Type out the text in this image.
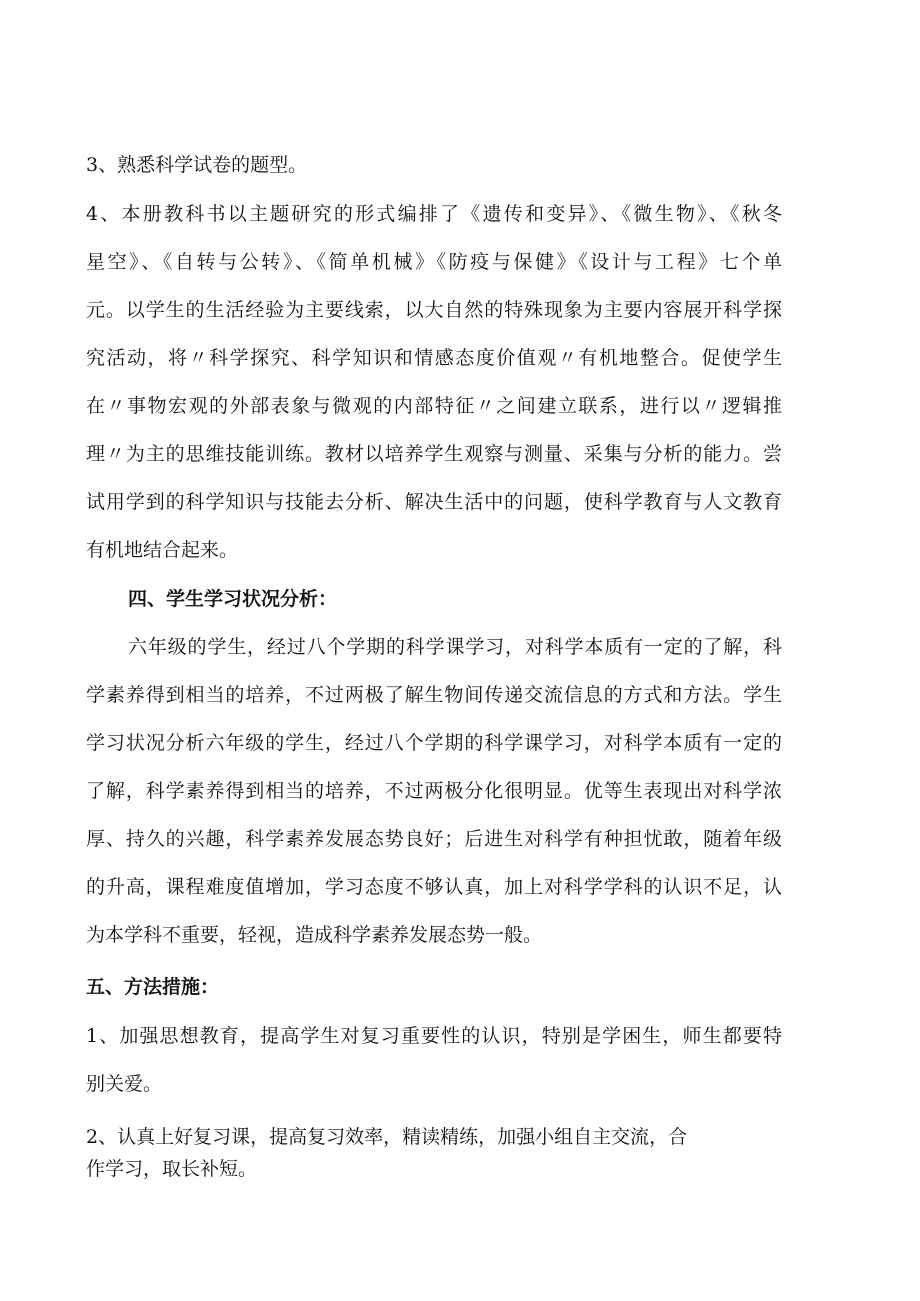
3、熟悉科学试卷的题型。

4、本册教科书以主题研究的形式编排了《遗传和变异》、《微生物》、《秋冬

星空》、《自转与公转》、《简单机械》《防疫与保健》《设计与工程》七个单

元。以学生的生活经验为主要线索，以大自然的特殊现象为主要内容展开科学探

究活动，将〃科学探究、科学知识和情感态度价值观〃有机地整合。促使学生

在〃事物宏观的外部表象与微观的内部特征〃之间建立联系，进行以〃逻辑推

理〃为主的思维技能训练。教材以培养学生观察与测量、采集与分析的能力。尝

试用学到的科学知识与技能去分析、解决生活中的问题，使科学教育与人文教育

有机地结合起来。

四、学生学习状况分析：

六年级的学生，经过八个学期的科学课学习，对科学本质有一定的了解，科

学素养得到相当的培养，不过两极了解生物间传递交流信息的方式和方法。学生

学习状况分析六年级的学生，经过八个学期的科学课学习，对科学本质有一定的

了解，科学素养得到相当的培养，不过两极分化很明显。优等生表现出对科学浓

厚、持久的兴趣，科学素养发展态势良好；后进生对科学有种担忧敢，随着年级

的升高，课程难度值增加，学习态度不够认真，加上对科学学科的认识不足，认

为本学科不重要，轻视，造成科学素养发展态势一般。

五、方法措施：

1、加强思想教育，提高学生对复习重要性的认识，特别是学困生，师生都要特

别关爱。

2、认真上好复习课，提高复习效率，精读精练，加强小组自主交流，合

作学习，取长补短。
